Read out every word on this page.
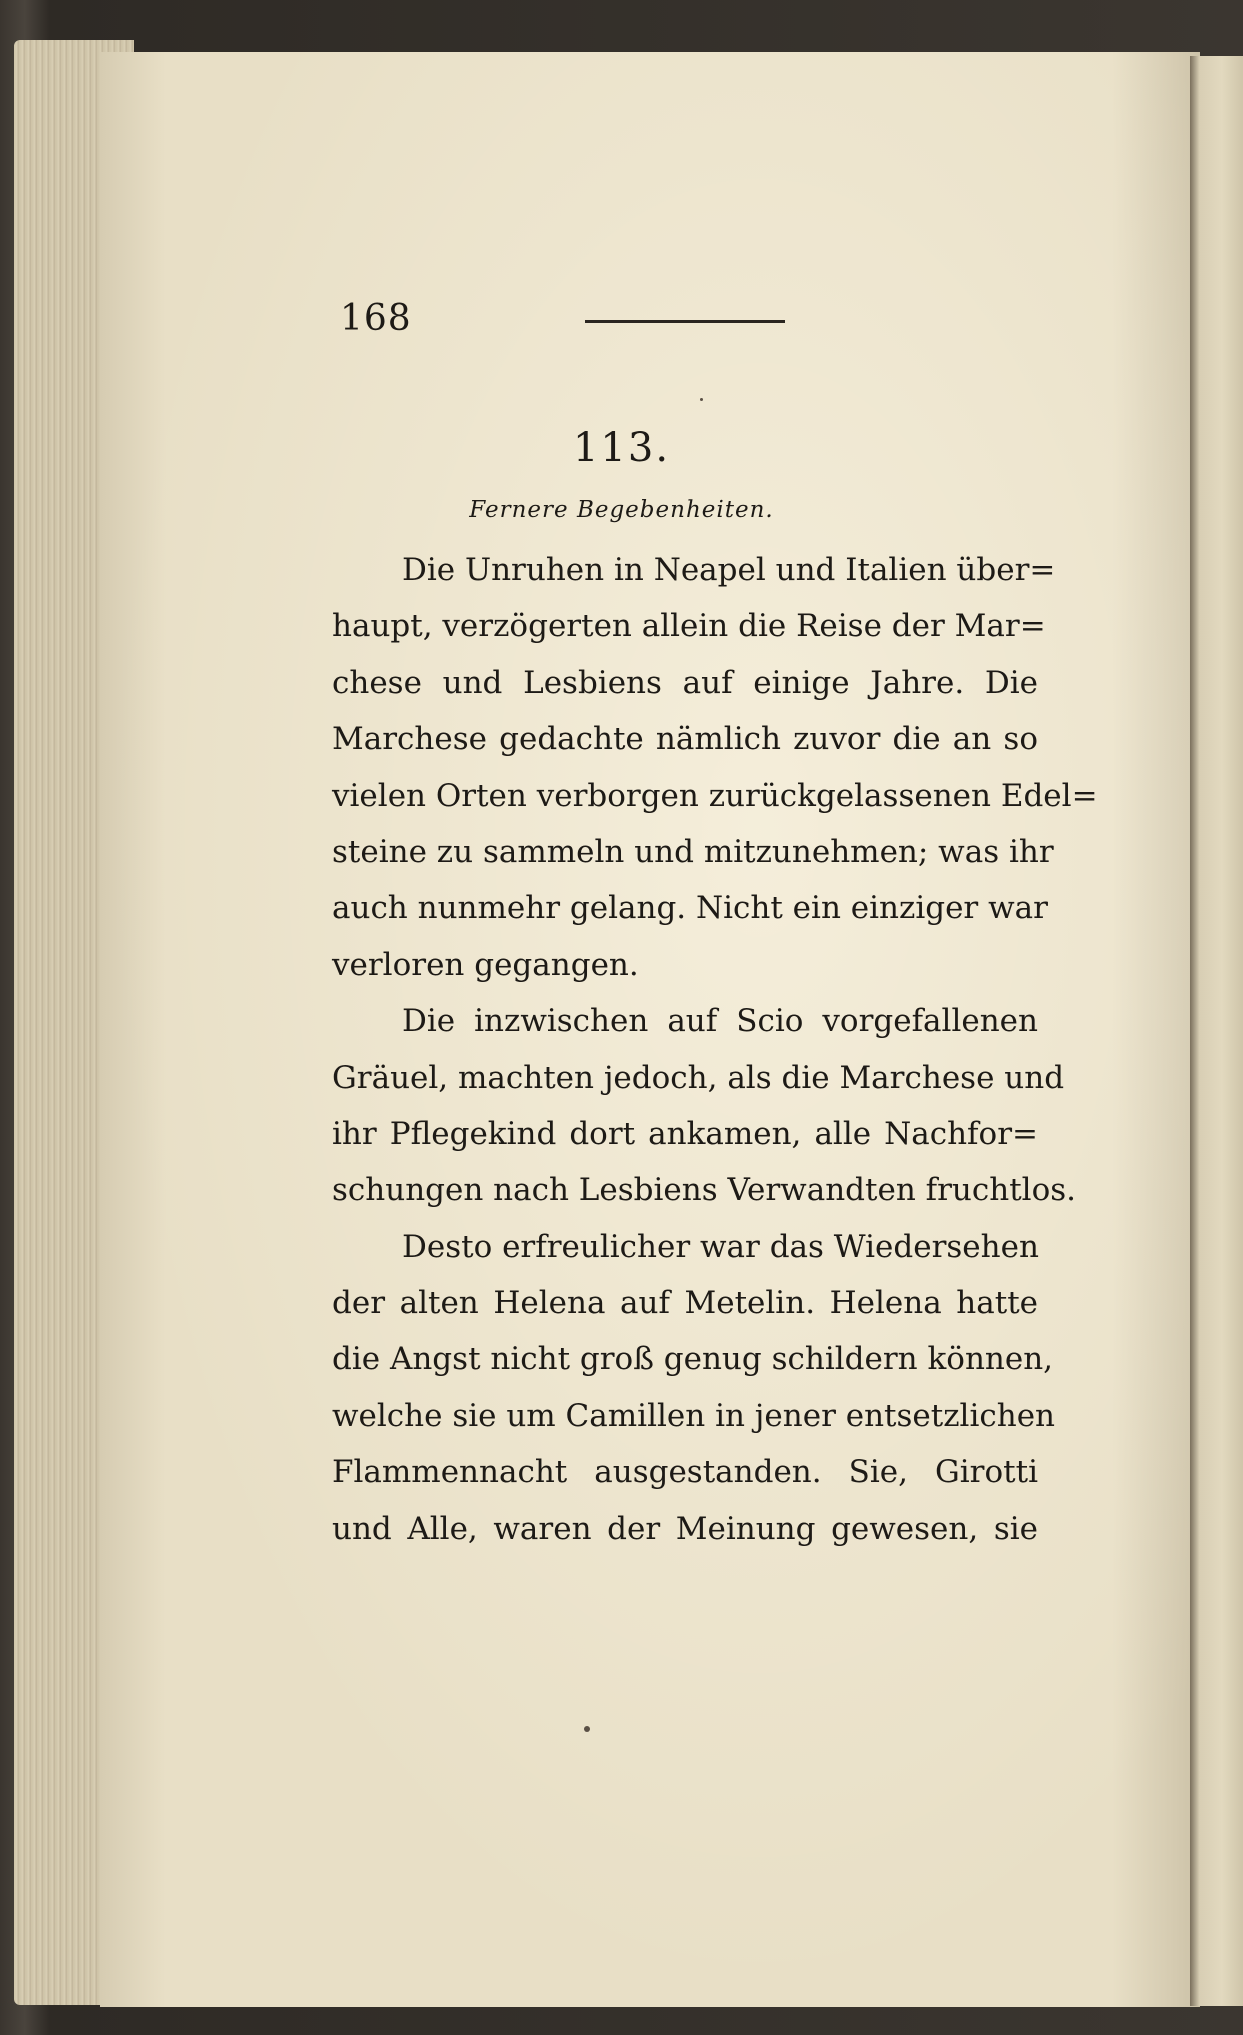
168
113.
Fernere Begebenheiten.
Die Unruhen in Neapel und Italien über=
haupt, verzögerten allein die Reise der Mar=
chese und Lesbiens auf einige Jahre. Die
Marchese gedachte nämlich zuvor die an so
vielen Orten verborgen zurückgelassenen Edel=
steine zu sammeln und mitzunehmen; was ihr
auch nunmehr gelang. Nicht ein einziger war
verloren gegangen.
Die inzwischen auf Scio vorgefallenen
Gräuel, machten jedoch, als die Marchese und
ihr Pflegekind dort ankamen, alle Nachfor=
schungen nach Lesbiens Verwandten fruchtlos.
Desto erfreulicher war das Wiedersehen
der alten Helena auf Metelin. Helena hatte
die Angst nicht groß genug schildern können,
welche sie um Camillen in jener entsetzlichen
Flammennacht ausgestanden. Sie, Girotti
und Alle, waren der Meinung gewesen, sie
